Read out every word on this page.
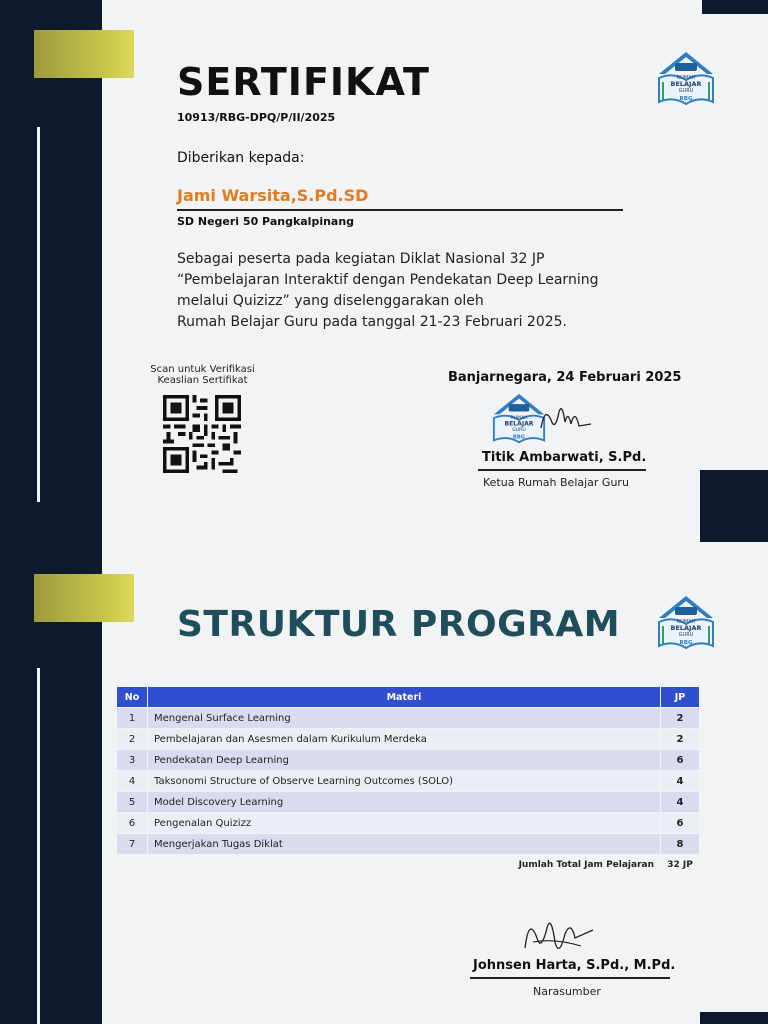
SERTIFIKAT
10913/RBG-DPQ/P/II/2025
Diberikan kepada:
Jami Warsita,S.Pd.SD
SD Negeri 50 Pangkalpinang
Sebagai peserta pada kegiatan Diklat Nasional 32 JP
“Pembelajaran Interaktif dengan Pendekatan Deep Learning
melalui Quizizz” yang diselenggarakan oleh
Rumah Belajar Guru pada tanggal 21-23 Februari 2025.
RUMAH
BELAJAR
GURU
RBG
Scan untuk Verifikasi
Keaslian Sertifikat	Banjarnegara, 24 Februari 2025
RUMAH
BELAJAR
GURU
RBG
Titik Ambarwati, S.Pd.
Ketua Rumah Belajar Guru
STRUKTUR PROGRAM	RUMAH
BELAJAR
GURU
RBG
No	Materi	JP
1	Mengenal Surface Learning	2
2	Pembelajaran dan Asesmen dalam Kurikulum Merdeka	2
3	Pendekatan Deep Learning	6
4	Taksonomi Structure of Observe Learning Outcomes (SOLO)	4
5	Model Discovery Learning	4
6	Pengenalan Quizizz	6
7	Mengerjakan Tugas Diklat	8
Jumlah Total Jam Pelajaran		32 JP
Johnsen Harta, S.Pd., M.Pd.
Narasumber
